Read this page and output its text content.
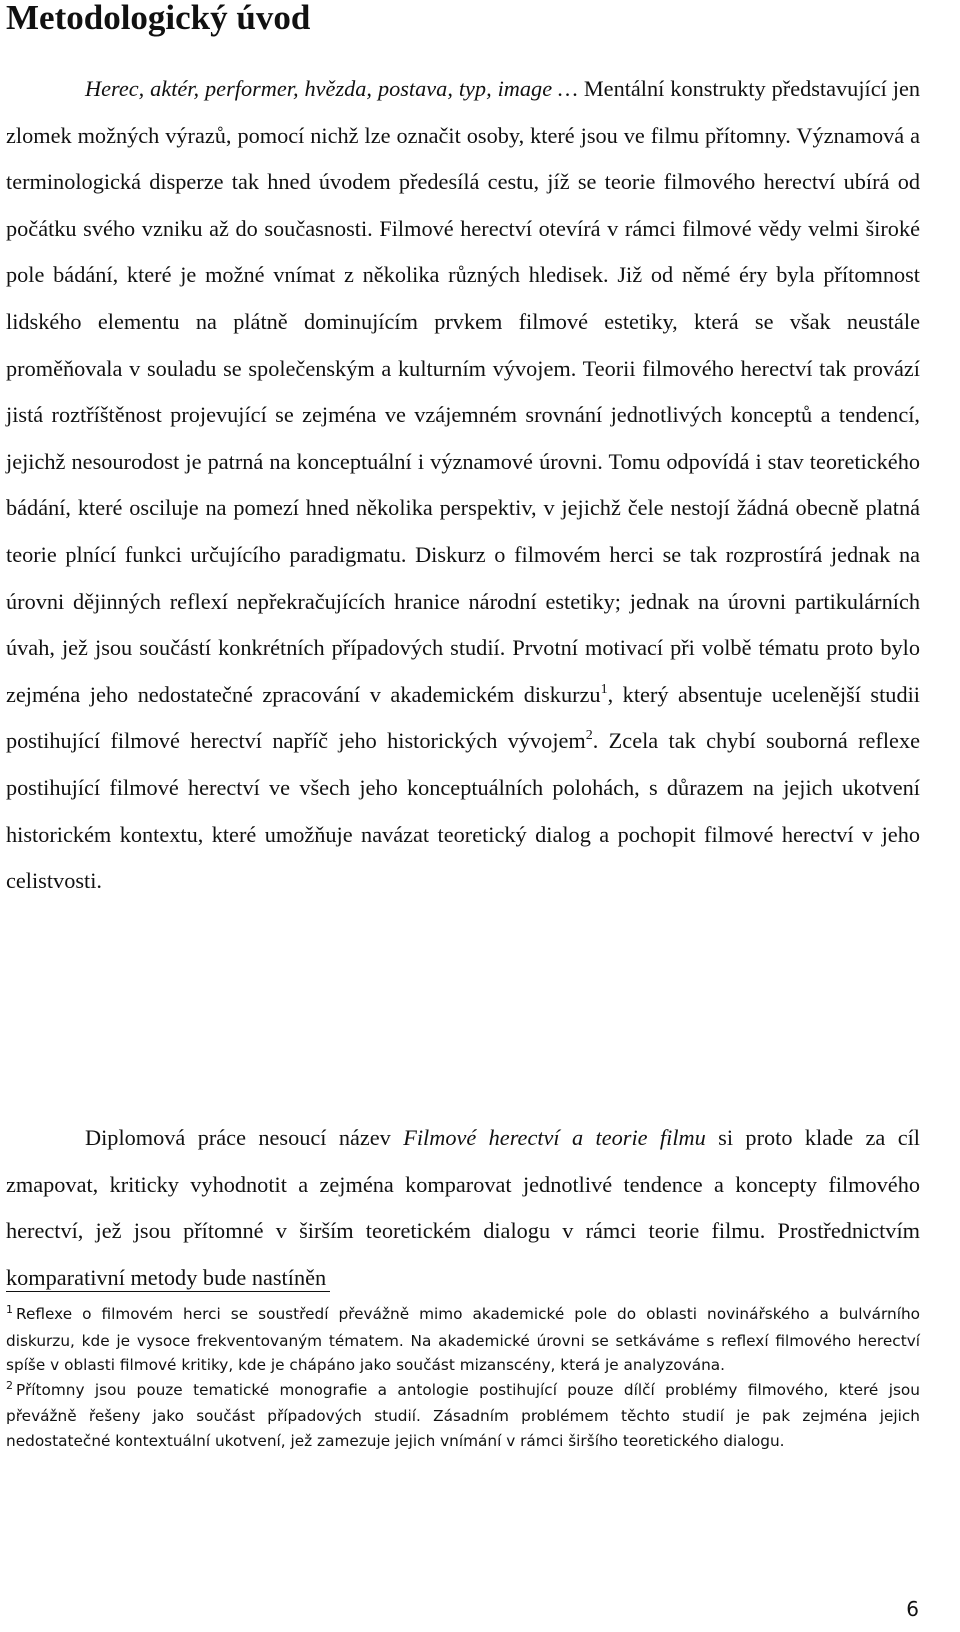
Metodologický úvod

Herec, aktér, performer, hvězda, postava, typ, image … Mentální konstrukty představující jen zlomek možných výrazů, pomocí nichž lze označit osoby, které jsou ve filmu přítomny. Významová a terminologická disperze tak hned úvodem předesílá cestu, jíž se teorie filmového herectví ubírá od počátku svého vzniku až do současnosti. Filmové herectví otevírá v rámci filmové vědy velmi široké pole bádání, které je možné vnímat z několika různých hledisek. Již od němé éry byla přítomnost lidského elementu na plátně dominujícím prvkem filmové estetiky, která se však neustále proměňovala v souladu se společenským a kulturním vývojem. Teorii filmového herectví tak provází jistá roztříštěnost projevující se zejména ve vzájemném srovnání jednotlivých konceptů a tendencí, jejichž nesourodost je patrná na konceptuální i významové úrovni. Tomu odpovídá i stav teoretického bádání, které osciluje na pomezí hned několika perspektiv, v jejichž čele nestojí žádná obecně platná teorie plnící funkci určujícího paradigmatu. Diskurz o filmovém herci se tak rozprostírá jednak na úrovni dějinných reflexí nepřekračujících hranice národní estetiky; jednak na úrovni partikulárních úvah, jež jsou součástí konkrétních případových studií. Prvotní motivací při volbě tématu proto bylo zejména jeho nedostatečné zpracování v akademickém diskurzu$^1$, který absentuje ucelenější studii postihující filmové herectví napříč jeho historických vývojem$^2$. Zcela tak chybí souborná reflexe postihující filmové herectví ve všech jeho konceptuálních polohách, s důrazem na jejich ukotvení historickém kontextu, které umožňuje navázat teoretický dialog a pochopit filmové herectví v jeho celistvosti.

Diplomová práce nesoucí název Filmové herectví a teorie filmu si proto klade za cíl zmapovat, kriticky vyhodnotit a zejména komparovat jednotlivé tendence a koncepty filmového herectví, jež jsou přítomné v širším teoretickém dialogu v rámci teorie filmu. Prostřednictvím komparativní metody bude nastíněn

$^1$ Reflexe o filmovém herci se soustředí převážně mimo akademické pole do oblasti novinářského a bulvárního diskurzu, kde je vysoce frekventovaným tématem. Na akademické úrovni se setkáváme s reflexí filmového herectví spíše v oblasti filmové kritiky, kde je chápáno jako součást mizanscény, která je analyzována.

$^2$ Přítomny jsou pouze tematické monografie a antologie postihující pouze dílčí problémy filmového, které jsou převážně řešeny jako součást případových studií. Zásadním problémem těchto studií je pak zejména jejich nedostatečné kontextuální ukotvení, jež zamezuje jejich vnímání v rámci širšího teoretického dialogu.

6
